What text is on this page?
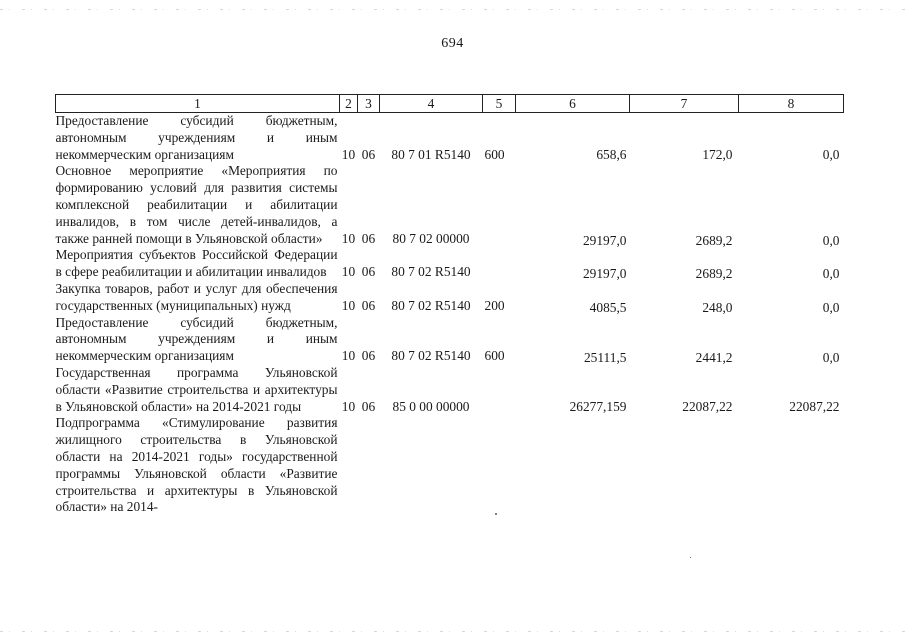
694
1	2	3	4	5	6	7	8
Предоставление субсидий бюджетным, автономным учреждениям и иным некоммерческим организациям	10	06	80 7 01 R5140	600	658,6	172,0	0,0
Основное мероприятие «Мероприятия по формированию условий для развития системы комплексной реабилитации и абилитации инвалидов, в том числе детей-инвалидов, а также ранней помощи в Ульяновской области»	10	06	80 7 02 00000		29197,0	2689,2	0,0
Мероприятия субъектов Российской Федерации в сфере реабилитации и абилитации инвалидов	10	06	80 7 02 R5140		29197,0	2689,2	0,0
Закупка товаров, работ и услуг для обеспечения государственных (муниципальных) нужд	10	06	80 7 02 R5140	200	4085,5	248,0	0,0
Предоставление субсидий бюджетным, автономным учреждениям и иным некоммерческим организациям	10	06	80 7 02 R5140	600	25111,5	2441,2	0,0
Государственная программа Ульяновской области «Развитие строительства и архитектуры в Ульяновской области» на 2014-2021 годы	10	06	85 0 00 00000		26277,159	22087,22	22087,22
Подпрограмма «Стимулирование развития жилищного строительства в Ульяновской области на 2014-2021 годы» государственной программы Ульяновской области «Развитие строительства и архитектуры в Ульяновской области» на 2014-							
